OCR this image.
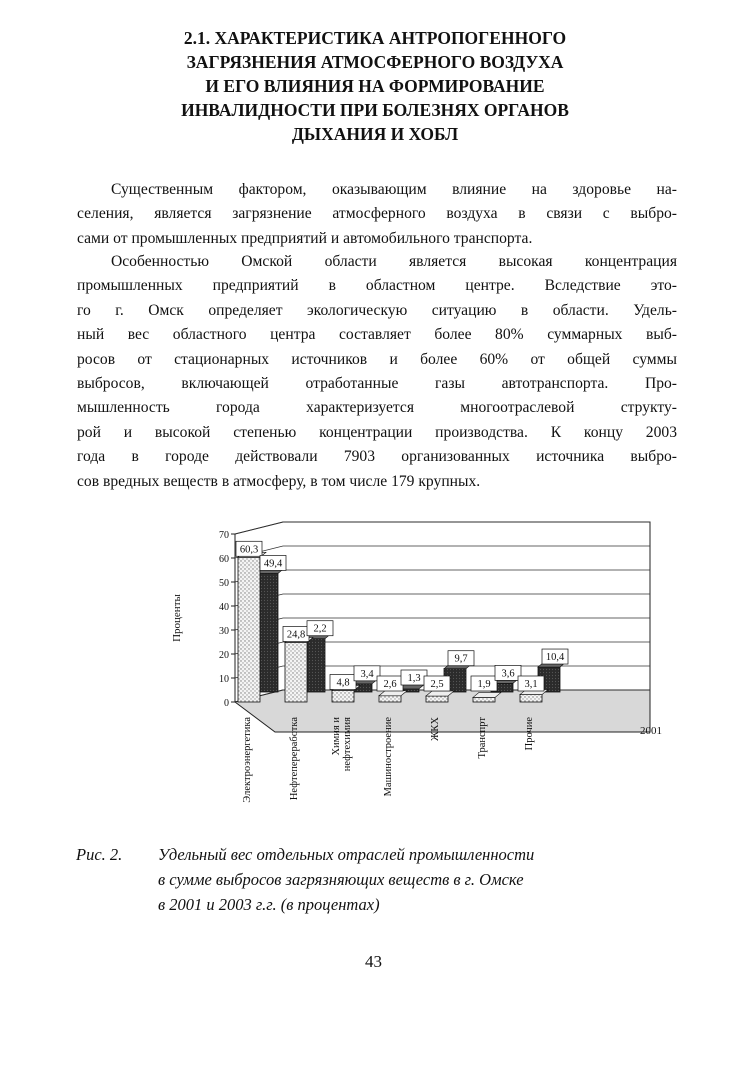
2.1. ХАРАКТЕРИСТИКА АНТРОПОГЕННОГО
ЗАГРЯЗНЕНИЯ АТМОСФЕРНОГО ВОЗДУХА
И ЕГО ВЛИЯНИЯ НА ФОРМИРОВАНИЕ
ИНВАЛИДНОСТИ ПРИ БОЛЕЗНЯХ ОРГАНОВ
ДЫХАНИЯ И ХОБЛ
Существенным фактором, оказывающим влияние на здоровье на-
селения, является загрязнение атмосферного воздуха в связи с выбро-
сами от промышленных предприятий и автомобильного транспорта.
Особенностью Омской области является высокая концентрация
промышленных предприятий в областном центре. Вследствие это-
го г. Омск определяет экологическую ситуацию в области. Удель-
ный вес областного центра составляет более 80% суммарных выб-
росов от стационарных источников и более 60% от общей суммы
выбросов, включающей отработанные газы автотранспорта. Про-
мышленность города характеризуется многоотраслевой структу-
рой и высокой степенью концентрации производства. К концу 2003
года в городе действовали 7903 организованных источника выбро-
сов вредных веществ в атмосферу, в том числе 179 крупных.
0
10
20
30
40
50
60
70
Проценты
60,3
49,4
Электроэнергетика
24,8
2,2
Нефтепереработка
4,8
3,4
Химия и нефтехимия
2,6
1,3
Машиностроение
2,5
9,7
ЖКХ
1,9
3,6
Транспрт
3,1
10,4
Прочие	2001
Рис. 2. Удельный вес отдельных отраслей промышленности
в сумме выбросов загрязняющих веществ в г. Омске
в 2001 и 2003 г.г. (в процентах)
43
